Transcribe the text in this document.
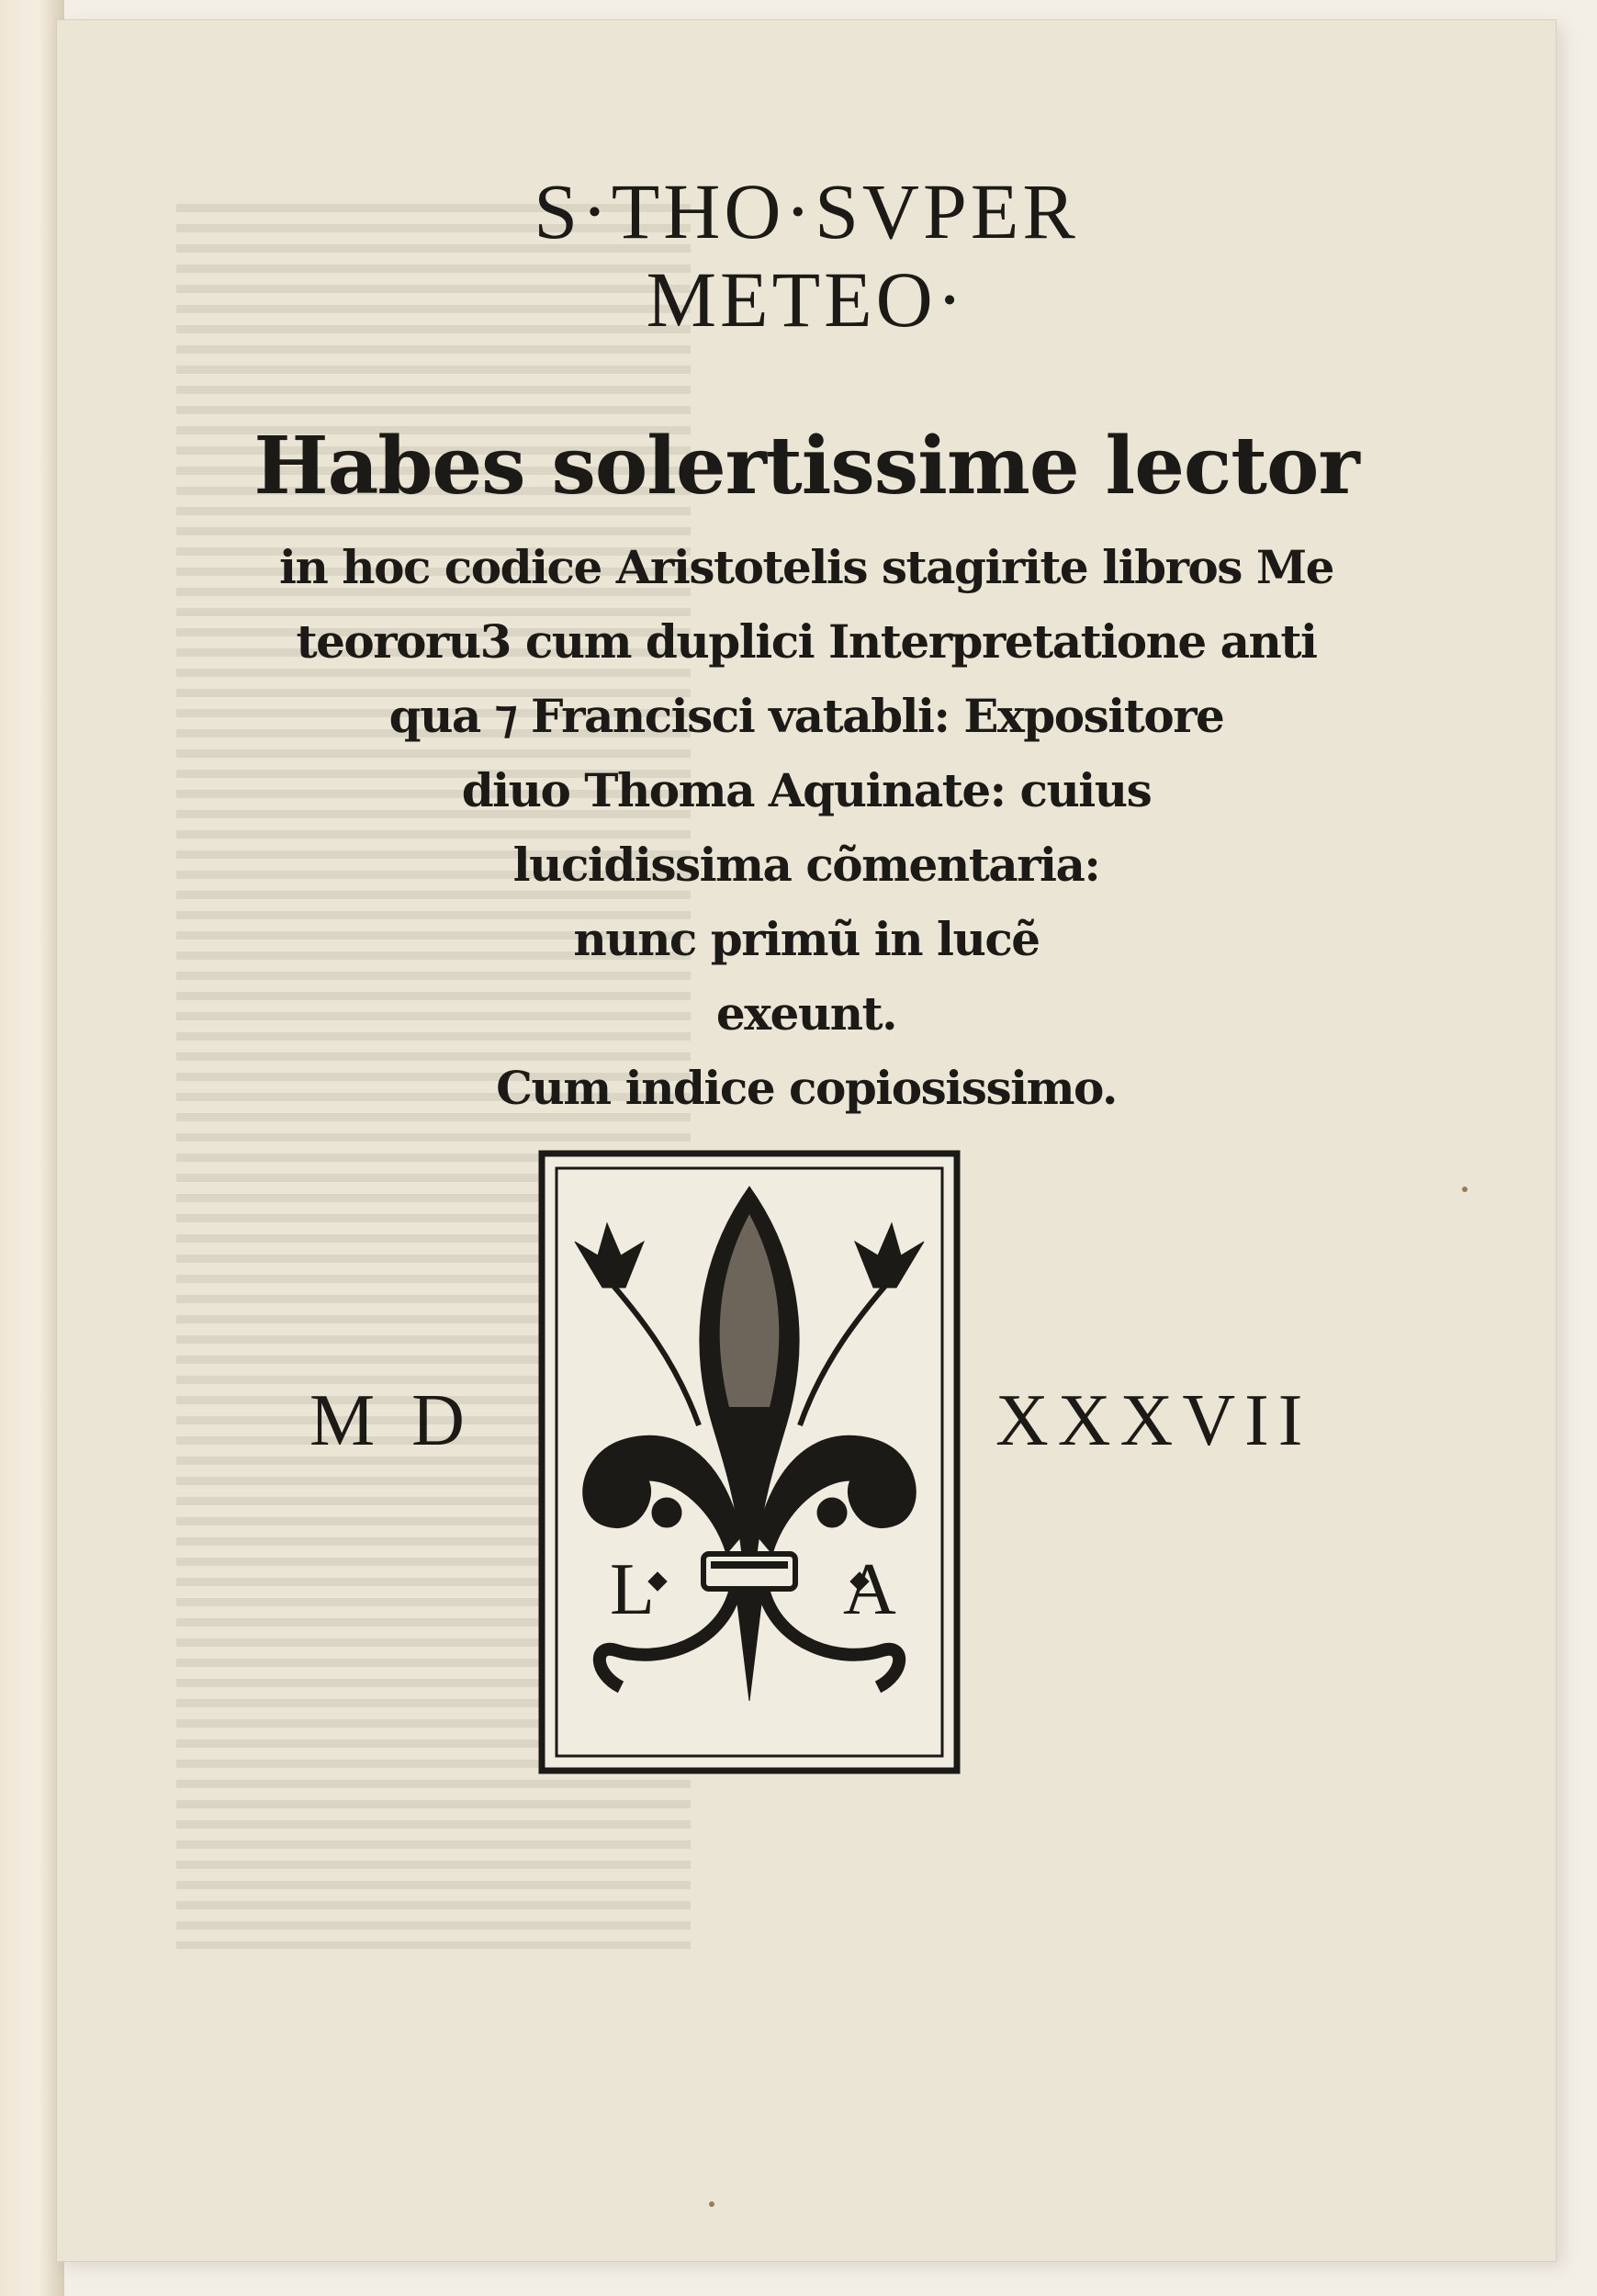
S·THO·SVPER
METEO·
Habes solertissime lector
in hoc codice Aristotelis stagirite libros Me
teororu3 cum duplici Interpretatione anti
qua ⁊ Francisci vatabli: Expositore
diuo Thoma Aquinate: cuius
lucidissima cõmentaria:
nunc primũ in lucẽ
exeunt.
Cum indice copiosissimo.
M D	XXXVII
L	A
